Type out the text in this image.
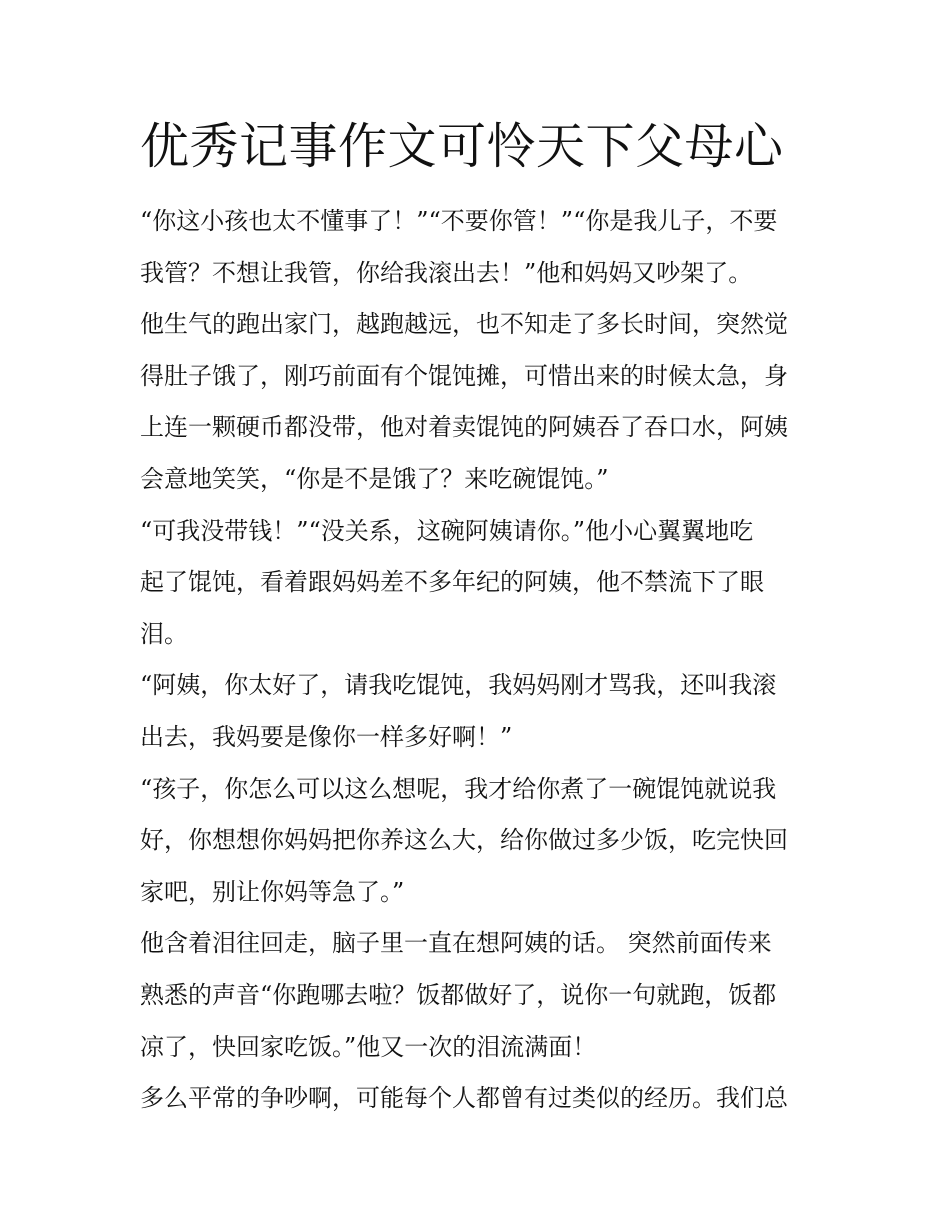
优秀记事作文可怜天下父母心
“你这小孩也太不懂事了！”“不要你管！”“你是我儿子，不要
我管？不想让我管，你给我滚出去！”他和妈妈又吵架了。
他生气的跑出家门，越跑越远，也不知走了多长时间，突然觉
得肚子饿了，刚巧前面有个馄饨摊，可惜出来的时候太急，身
上连一颗硬币都没带，他对着卖馄饨的阿姨吞了吞口水，阿姨
会意地笑笑，“你是不是饿了？来吃碗馄饨。”
“可我没带钱！”“没关系，这碗阿姨请你。”他小心翼翼地吃
起了馄饨，看着跟妈妈差不多年纪的阿姨，他不禁流下了眼
泪。
“阿姨，你太好了，请我吃馄饨，我妈妈刚才骂我，还叫我滚
出去，我妈要是像你一样多好啊！”
“孩子，你怎么可以这么想呢，我才给你煮了一碗馄饨就说我
好，你想想你妈妈把你养这么大，给你做过多少饭，吃完快回
家吧，别让你妈等急了。”
他含着泪往回走，脑子里一直在想阿姨的话。 突然前面传来
熟悉的声音“你跑哪去啦？饭都做好了，说你一句就跑，饭都
凉了，快回家吃饭。”他又一次的泪流满面！
多么平常的争吵啊，可能每个人都曾有过类似的经历。我们总
